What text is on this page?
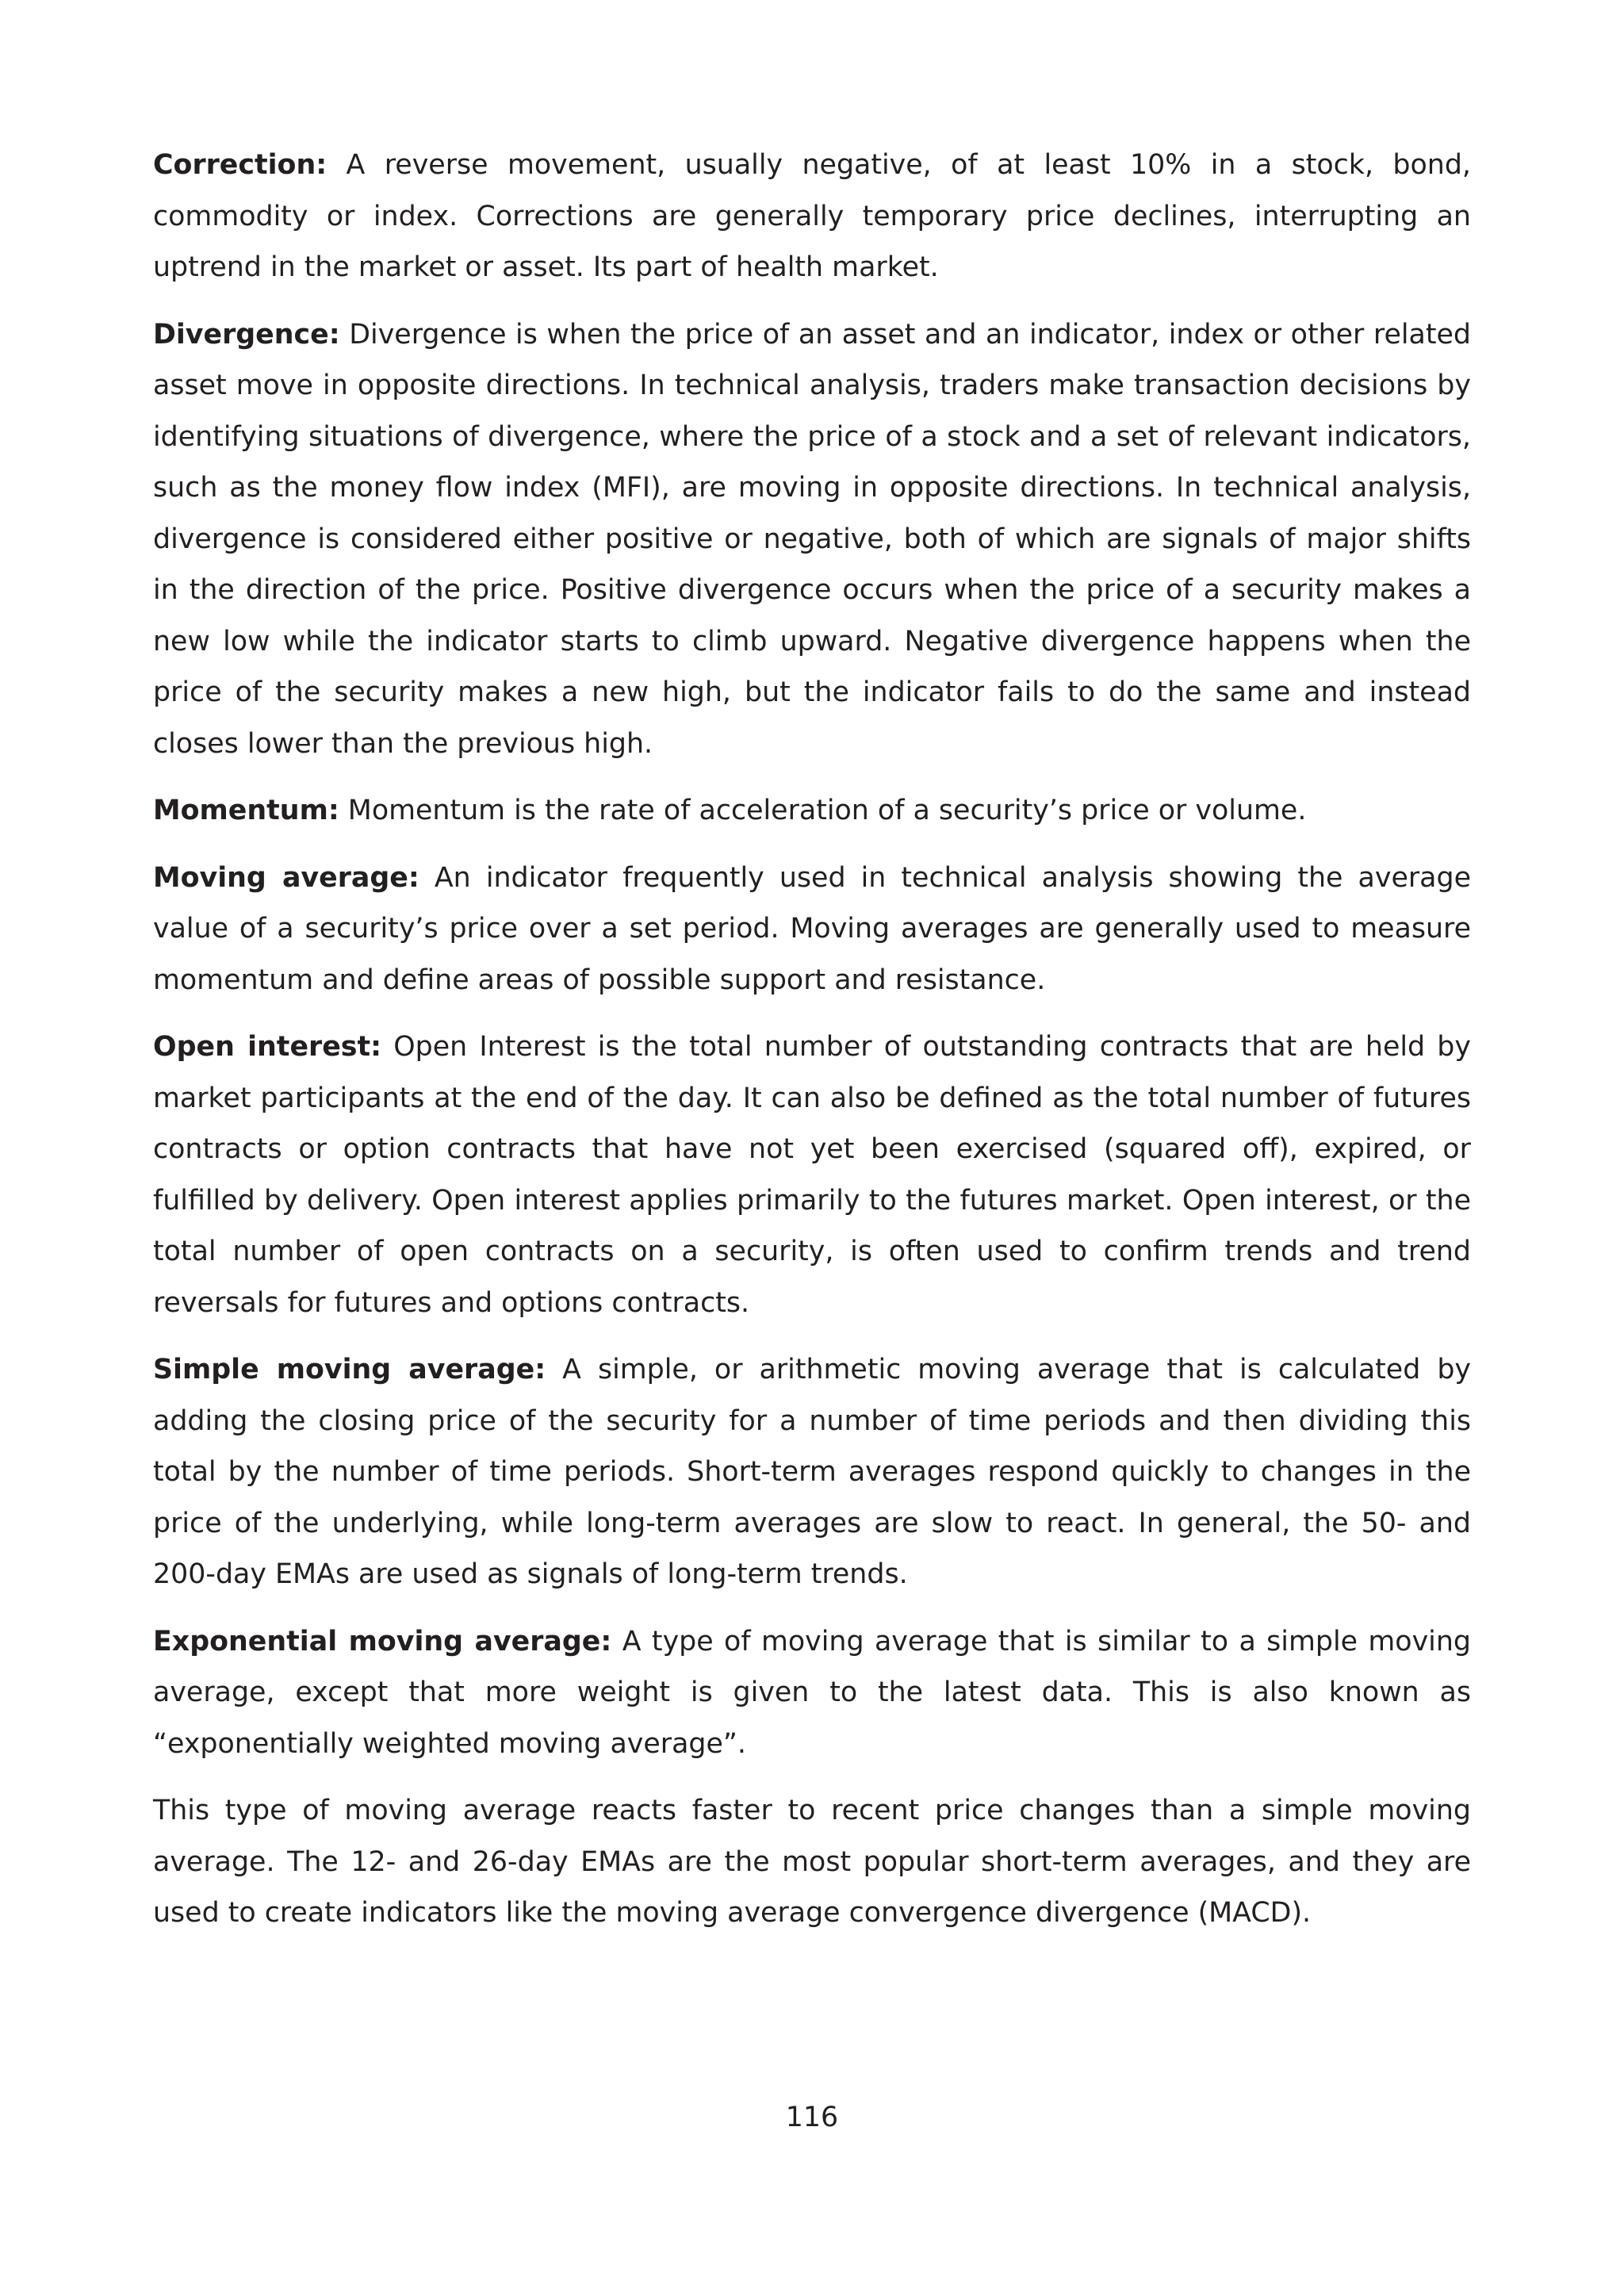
Correction: A reverse movement, usually negative, of at least 10% in a stock, bond, commodity or index. Corrections are generally temporary price declines, interrupting an uptrend in the market or asset. Its part of health market.

Divergence: Divergence is when the price of an asset and an indicator, index or other related asset move in opposite directions. In technical analysis, traders make transaction decisions by identifying situations of divergence, where the price of a stock and a set of relevant indicators, such as the money flow index (MFI), are moving in opposite directions. In technical analysis, divergence is considered either positive or negative, both of which are signals of major shifts in the direction of the price. Positive divergence occurs when the price of a security makes a new low while the indicator starts to climb upward. Negative divergence happens when the price of the security makes a new high, but the indicator fails to do the same and instead closes lower than the previous high.

Momentum: Momentum is the rate of acceleration of a security’s price or volume.

Moving average: An indicator frequently used in technical analysis showing the average value of a security’s price over a set period. Moving averages are generally used to measure momentum and define areas of possible support and resistance.

Open interest: Open Interest is the total number of outstanding contracts that are held by market participants at the end of the day. It can also be defined as the total number of futures contracts or option contracts that have not yet been exercised (squared off), expired, or fulfilled by delivery. Open interest applies primarily to the futures market. Open interest, or the total number of open contracts on a security, is often used to confirm trends and trend reversals for futures and options contracts.

Simple moving average: A simple, or arithmetic moving average that is calculated by adding the closing price of the security for a number of time periods and then dividing this total by the number of time periods. Short-term averages respond quickly to changes in the price of the underlying, while long-term averages are slow to react. In general, the 50- and 200-day EMAs are used as signals of long-term trends.

Exponential moving average: A type of moving average that is similar to a simple moving average, except that more weight is given to the latest data. This is also known as “exponentially weighted moving average”.

This type of moving average reacts faster to recent price changes than a simple moving average. The 12- and 26-day EMAs are the most popular short-term averages, and they are used to create indicators like the moving average convergence divergence (MACD).

116
